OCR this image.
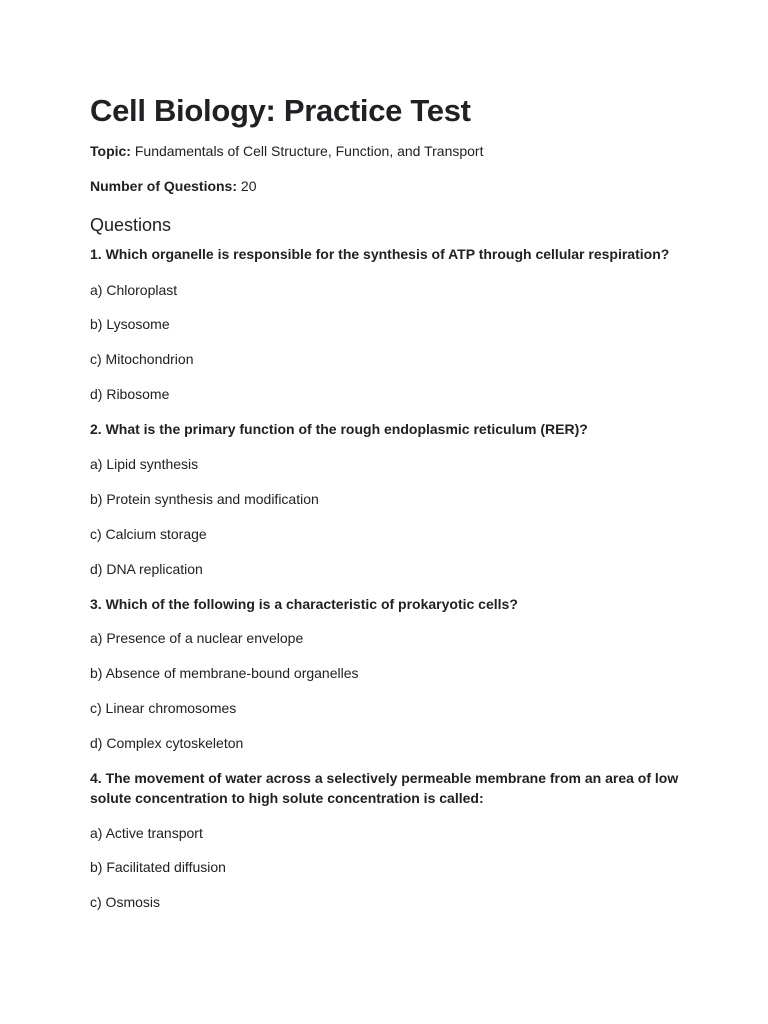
Cell Biology: Practice Test

Topic: Fundamentals of Cell Structure, Function, and Transport

Number of Questions: 20

Questions

1. Which organelle is responsible for the synthesis of ATP through cellular respiration?

a) Chloroplast

b) Lysosome

c) Mitochondrion

d) Ribosome

2. What is the primary function of the rough endoplasmic reticulum (RER)?

a) Lipid synthesis

b) Protein synthesis and modification

c) Calcium storage

d) DNA replication

3. Which of the following is a characteristic of prokaryotic cells?

a) Presence of a nuclear envelope

b) Absence of membrane-bound organelles

c) Linear chromosomes

d) Complex cytoskeleton

4. The movement of water across a selectively permeable membrane from an area of low solute concentration to high solute concentration is called:

a) Active transport

b) Facilitated diffusion

c) Osmosis
